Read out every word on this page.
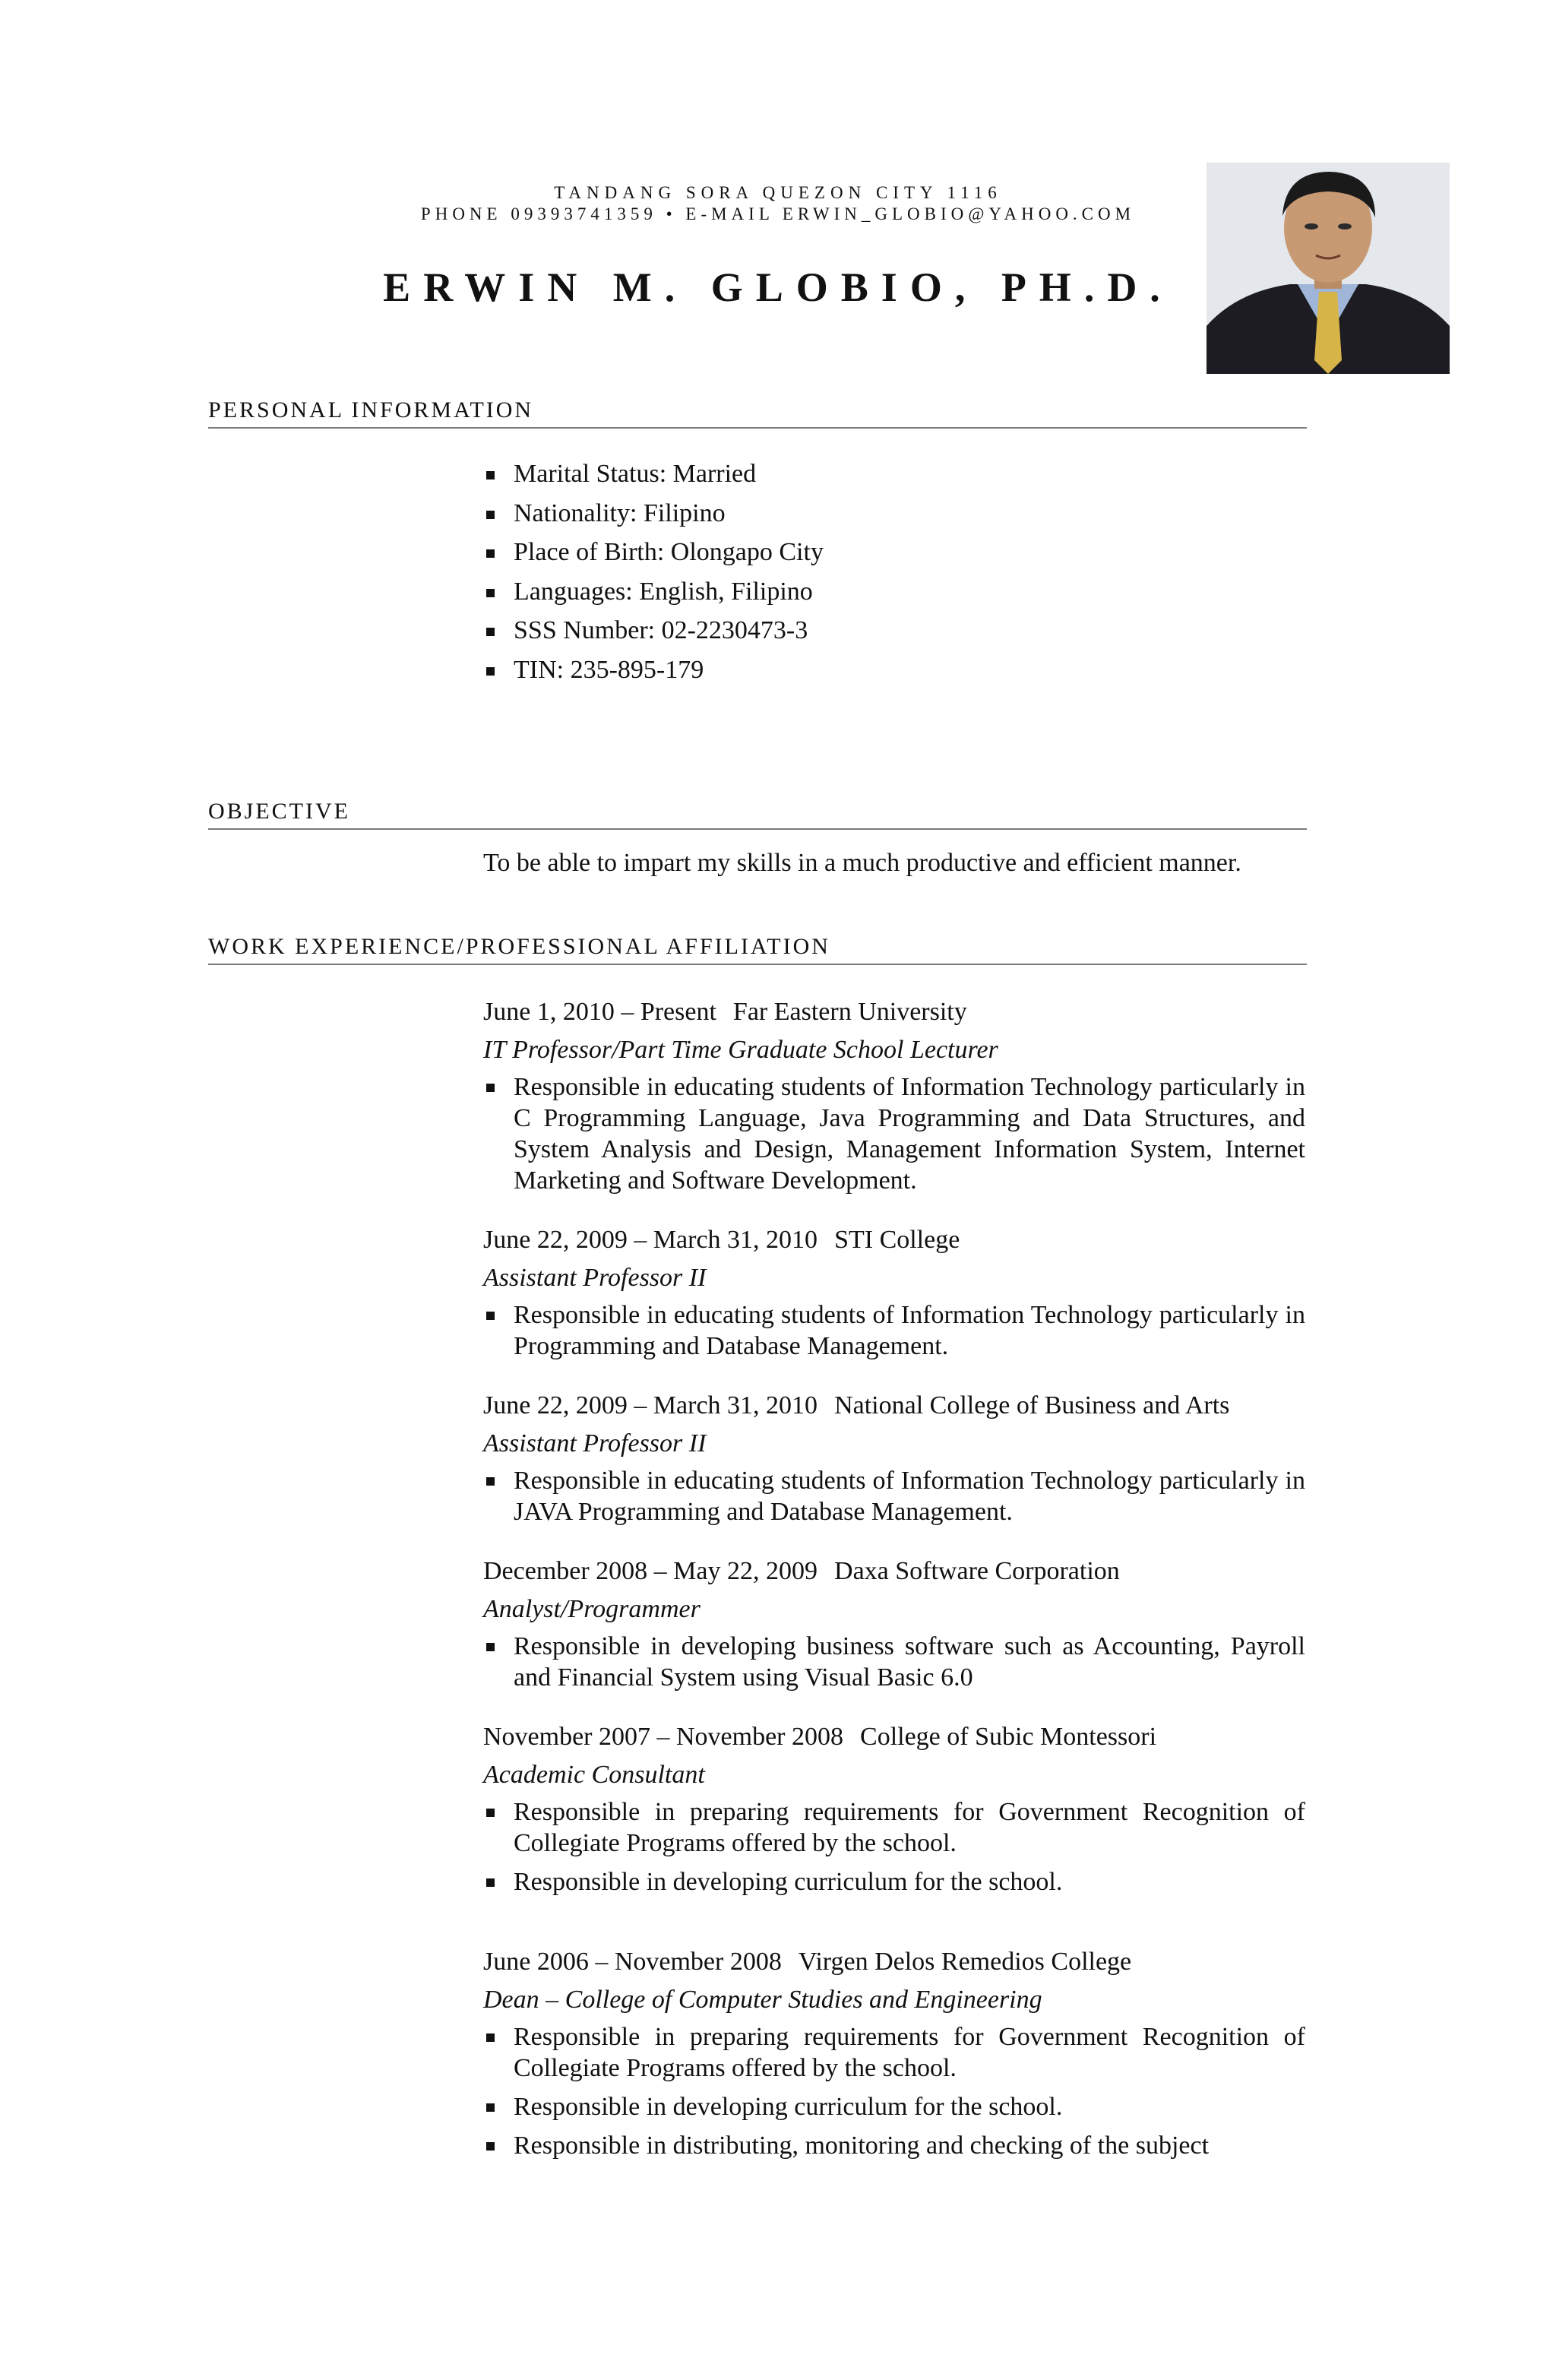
TANDANG SORA QUEZON CITY 1116
PHONE 09393741359 • E-MAIL ERWIN_GLOBIO@YAHOO.COM
ERWIN M. GLOBIO, PH.D.
PERSONAL INFORMATION
Marital Status: Married
Nationality: Filipino
Place of Birth: Olongapo City
Languages: English, Filipino
SSS Number: 02-2230473-3
TIN: 235-895-179
OBJECTIVE
To be able to impart my skills in a much productive and efficient manner.
WORK EXPERIENCE/PROFESSIONAL AFFILIATION
June 1, 2010 – Present Far Eastern University
IT Professor/Part Time Graduate School Lecturer
Responsible in educating students of Information Technology particularly in C Programming Language, Java Programming and Data Structures, and System Analysis and Design, Management Information System, Internet Marketing and Software Development.
June 22, 2009 – March 31, 2010 STI College
Assistant Professor II
Responsible in educating students of Information Technology particularly in Programming and Database Management.
June 22, 2009 – March 31, 2010 National College of Business and Arts
Assistant Professor II
Responsible in educating students of Information Technology particularly in JAVA Programming and Database Management.
December 2008 – May 22, 2009 Daxa Software Corporation
Analyst/Programmer
Responsible in developing business software such as Accounting, Payroll and Financial System using Visual Basic 6.0
November 2007 – November 2008 College of Subic Montessori
Academic Consultant
Responsible in preparing requirements for Government Recognition of Collegiate Programs offered by the school.
Responsible in developing curriculum for the school.
June 2006 – November 2008 Virgen Delos Remedios College
Dean – College of Computer Studies and Engineering
Responsible in preparing requirements for Government Recognition of Collegiate Programs offered by the school.
Responsible in developing curriculum for the school.
Responsible in distributing, monitoring and checking of the subject
